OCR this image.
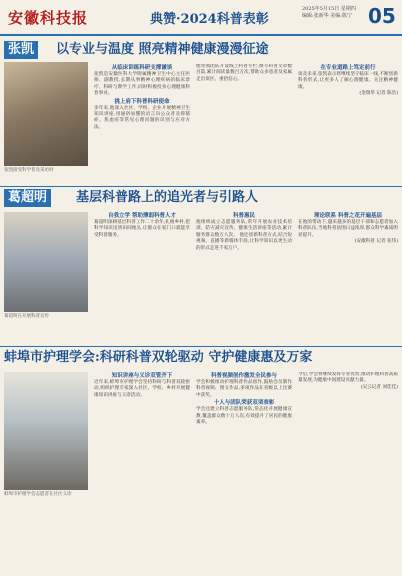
安徽科技报	典赞·2024科普表彰
2025年5月15日 星期四
编辑:张新华 美编:陈宁 05
张凯	以专业与温度 照亮精神健康漫漫征途
张凯接受科学普及采访时
从临床训练科研支撑谦谈
张凯是安徽医科大学附属精神卫生中心主任医师、副教授,长期从事精神心理疾病的临床诊疗、科研与教学工作,同时积极投身心理健康科普事业。
挑上肩下科普科研使命
多年来,他深入社区、学校、企业开展精神卫生知识讲座,用通俗易懂的语言向公众普及抑郁症、焦虑症等常见心理问题的识别与应对方法。
他带领团队开设线上科普专栏,撰写科普文章数百篇,累计阅读量数百万次,帮助众多患者及家属走出误区、重拾信心。
在专业道路上笃定前行
谈及未来,张凯表示将继续坚守临床一线,不断创新科普形式,让更多人了解心理健康、关注精神健康。
(金瑞华 记者 陈浩)
葛超明	基层科普路上的追光者与引路人
葛超明在开展科普宣传
自我立学 帮助薄弱科普人才
葛超明深耕基层科普工作二十余年,扎根乡村,把科学知识送到田间地头,让群众在家门口就能享受科普服务。
科普惠民
他组织成立志愿服务队,常年开展农业技术培训、防灾减灾宣传、健康生活讲座等活动,累计服务群众数万人次。 他还创新科普方式,结合短视频、直播等新媒体手段,让科学知识以更生动的形式走进千家万户。
理论联系 科普之花开遍基层
在他的带动下,越来越多的基层干部和志愿者加入科普队伍,当地科普氛围日益浓厚,群众科学素质明显提升。
(安徽科普 记者 张伟)
蚌埠市护理学会:科研科普双轮驱动 守护健康惠及万家
蚌埠市护理学会志愿者在社区义诊
知识讲座与义诊双管齐下
近年来,蚌埠市护理学会坚持科研与科普双轮驱动,组织护理专家深入社区、学校、乡村开展健康知识讲座与义诊活动。
科普视频创作激发全民参与
学会积极推动护理科普作品创作,鼓励会员制作科普视频、图文作品,多项作品在省级以上比赛中获奖。
十人与团队荣获双项表彰
学会还建立科普志愿服务队,常态化开展健康宣教,覆盖群众数十万人次,有效提升了居民的健康素养。
今后,学会将继续发挥专业优势,推动护理科普高质量发展,为健康中国建设贡献力量。
(吴云记者 刘佳佳)
